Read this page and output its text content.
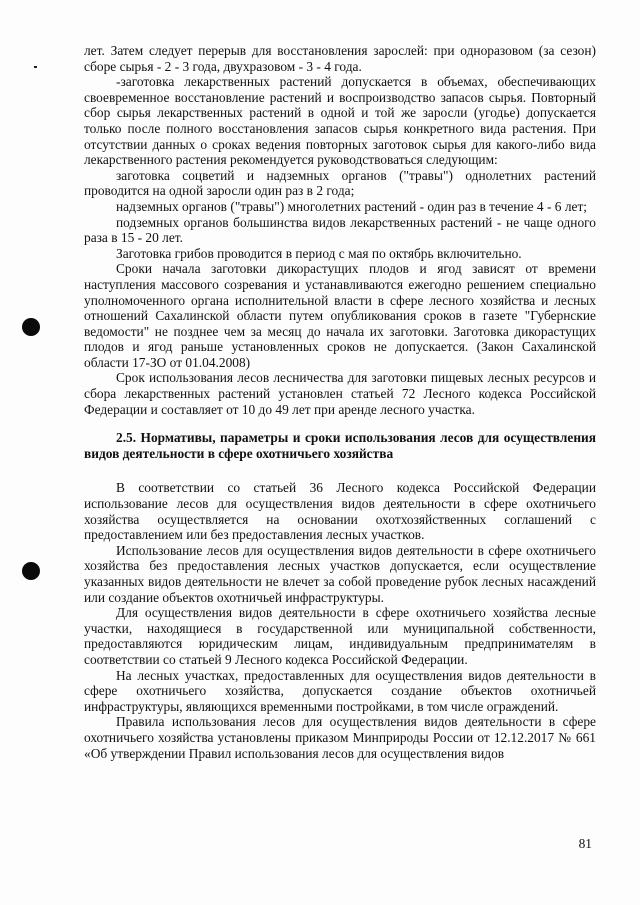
лет. Затем следует перерыв для восстановления зарослей: при одноразовом (за сезон) сборе сырья - 2 - 3 года, двухразовом - 3 - 4 года.

-заготовка лекарственных растений допускается в объемах, обеспечивающих своевременное восстановление растений и воспроизводство запасов сырья. Повторный сбор сырья лекарственных растений в одной и той же заросли (угодье) допускается только после полного восстановления запасов сырья конкретного вида растения. При отсутствии данных о сроках ведения повторных заготовок сырья для какого-либо вида лекарственного растения рекомендуется руководствоваться следующим:

заготовка соцветий и надземных органов ("травы") однолетних растений проводится на одной заросли один раз в 2 года;

надземных органов ("травы") многолетних растений - один раз в течение 4 - 6 лет;

подземных органов большинства видов лекарственных растений - не чаще одного раза в 15 - 20 лет.

Заготовка грибов проводится в период с мая по октябрь включительно.

Сроки начала заготовки дикорастущих плодов и ягод зависят от времени наступления массового созревания и устанавливаются ежегодно решением специально уполномоченного органа исполнительной власти в сфере лесного хозяйства и лесных отношений Сахалинской области путем опубликования сроков в газете "Губернские ведомости" не позднее чем за месяц до начала их заготовки. Заготовка дикорастущих плодов и ягод раньше установленных сроков не допускается. (Закон Сахалинской области 17-ЗО от 01.04.2008)

Срок использования лесов лесничества для заготовки пищевых лесных ресурсов и сбора лекарственных растений установлен статьей 72 Лесного кодекса Российской Федерации и составляет от 10 до 49 лет при аренде лесного участка.

2.5. Нормативы, параметры и сроки использования лесов для осуществления видов деятельности в сфере охотничьего хозяйства

В соответствии со статьей 36 Лесного кодекса Российской Федерации использование лесов для осуществления видов деятельности в сфере охотничьего хозяйства осуществляется на основании охотхозяйственных соглашений с предоставлением или без предоставления лесных участков.

Использование лесов для осуществления видов деятельности в сфере охотничьего хозяйства без предоставления лесных участков допускается, если осуществление указанных видов деятельности не влечет за собой проведение рубок лесных насаждений или создание объектов охотничьей инфраструктуры.

Для осуществления видов деятельности в сфере охотничьего хозяйства лесные участки, находящиеся в государственной или муниципальной собственности, предоставляются юридическим лицам, индивидуальным предпринимателям в соответствии со статьей 9 Лесного кодекса Российской Федерации.

На лесных участках, предоставленных для осуществления видов деятельности в сфере охотничьего хозяйства, допускается создание объектов охотничьей инфраструктуры, являющихся временными постройками, в том числе ограждений.

Правила использования лесов для осуществления видов деятельности в сфере охотничьего хозяйства установлены приказом Минприроды России от 12.12.2017 № 661 «Об утверждении Правил использования лесов для осуществления видов

81
